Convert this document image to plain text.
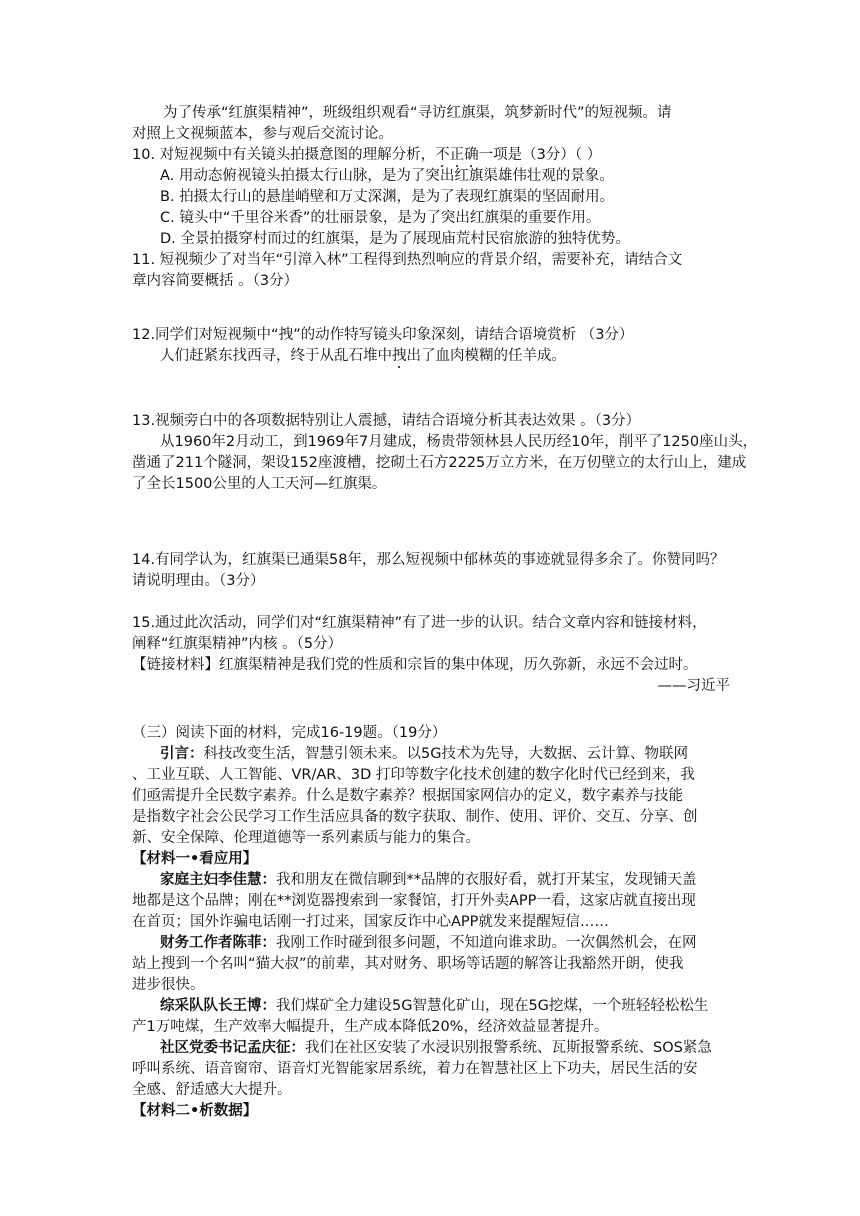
为了传承“红旗渠精神”，班级组织观看“寻访红旗渠，筑梦新时代”的短视频。请
对照上文视频蓝本，参与观后交流讨论。
10. 对短视频中有关镜头拍摄意图的理解分析，不正确一项是（3分）（ ）
A. 用动态俯视镜头拍摄太行山脉，是为了突出红旗渠雄伟壮观的景象。
B. 拍摄太行山的悬崖峭壁和万丈深渊，是为了表现红旗渠的坚固耐用。
C. 镜头中“千里谷米香”的壮丽景象，是为了突出红旗渠的重要作用。
D. 全景拍摄穿村而过的红旗渠，是为了展现庙荒村民宿旅游的独特优势。
11. 短视频少了对当年“引漳入林”工程得到热烈响应的背景介绍，需要补充，请结合文
章内容简要概括 。（3分）
12.同学们对短视频中“拽”的动作特写镜头印象深刻，请结合语境赏析 （3分）
人们赶紧东找西寻，终于从乱石堆中拽出了血肉模糊的任羊成。
13.视频旁白中的各项数据特别让人震撼，请结合语境分析其表达效果 。（3分）
从1960年2月动工，到1969年7月建成，杨贵带领林县人民历经10年，削平了1250座山头，
凿通了211个隧洞，架设152座渡槽，挖砌土石方2225万立方米，在万仞壁立的太行山上，建成
了全长1500公里的人工天河—红旗渠。
14.有同学认为，红旗渠已通渠58年，那么短视频中郁林英的事迹就显得多余了。你赞同吗？
请说明理由。（3分）
15.通过此次活动，同学们对“红旗渠精神”有了进一步的认识。结合文章内容和链接材料，
阐释“红旗渠精神”内核 。（5分）
【链接材料】红旗渠精神是我们党的性质和宗旨的集中体现，历久弥新，永远不会过时。
——习近平
（三）阅读下面的材料，完成16-19题。（19分）
引言：科技改变生活，智慧引领未来。以5G技术为先导，大数据、云计算、物联网
、工业互联、人工智能、VR/AR、3D 打印等数字化技术创建的数字化时代已经到来，我
们亟需提升全民数字素养。什么是数字素养？根据国家网信办的定义，数字素养与技能
是指数字社会公民学习工作生活应具备的数字获取、制作、使用、评价、交互、分享、创
新、安全保障、伦理道德等一系列素质与能力的集合。
【材料一•看应用】
家庭主妇李佳慧：我和朋友在微信聊到**品牌的衣服好看，就打开某宝，发现铺天盖
地都是这个品牌；刚在**浏览器搜索到一家餐馆，打开外卖APP一看，这家店就直接出现
在首页；国外诈骗电话刚一打过来，国家反诈中心APP就发来提醒短信……
财务工作者陈菲：我刚工作时碰到很多问题，不知道向谁求助。一次偶然机会，在网
站上搜到一个名叫“猫大叔”的前辈，其对财务、职场等话题的解答让我豁然开朗，使我
进步很快。
综采队队长王博：我们煤矿全力建设5G智慧化矿山，现在5G挖煤，一个班轻轻松松生
产1万吨煤，生产效率大幅提升，生产成本降低20%，经济效益显著提升。
社区党委书记孟庆征：我们在社区安装了水浸识别报警系统、瓦斯报警系统、SOS紧急
呼叫系统、语音窗帘、语音灯光智能家居系统，着力在智慧社区上下功夫，居民生活的安
全感、舒适感大大提升。
【材料二•析数据】
